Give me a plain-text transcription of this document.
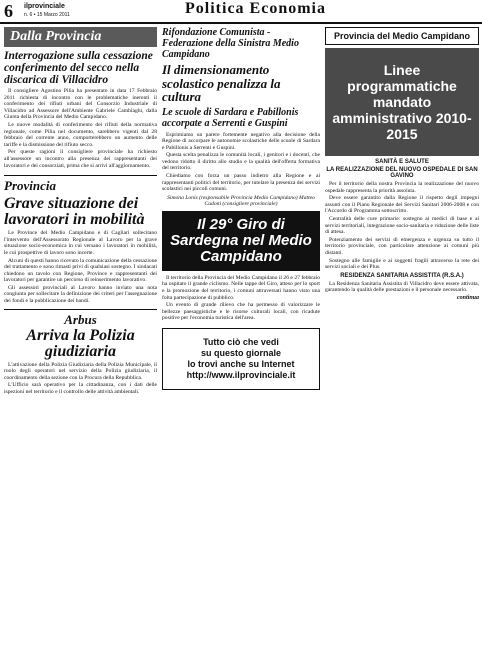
6 ilprovinciale
n. 6 • 15 Marzo 2011	Politica Economia
Dalla Provincia
Interrogazione sulla cessazione conferimento del secco nella discarica di Villacidro

Il consigliere Agostino Pilia ha presentato in data 17 Febbraio 2011 richiesta di incontro con le problematiche inerenti il conferimento dei rifiuti urbani del Consorzio Industriale di Villacidro ad Assessore dell'Ambiente Gabriele Cambiaghi, dalla Giunta della Provincia del Medio Campidano.

Le nuove modalità di conferimento dei rifiuti della normativa regionale, come Pilia nel documento, sarebbero vigenti dal 28 febbraio del corrente anno, comporterebbero un aumento delle tariffe e la dismissione del rifiuto secco.

Per queste ragioni il consigliere provinciale ha richiesto all'assessore un incontro alla presenza dei rappresentanti dei lavoratori e dei consorziati, prima che si arrivi all'aggiornamento.

Provincia
Grave situazione dei lavoratori in mobilità

Le Province del Medio Campidano e di Cagliari sollecitano l'intervento dell'Assessorato Regionale al Lavoro per la grave situazione socio-economica in cui versano i lavoratori in mobilità, le cui prospettive di lavoro sono incerte.

Alcuni di questi hanno ricevuto la comunicazione della cessazione del trattamento e sono rimasti privi di qualsiasi sostegno. I sindacati chiedono un tavolo con Regione, Province e rappresentanti dei lavoratori per garantire un percorso di reinserimento lavorativo.

Gli assessori provinciali al Lavoro hanno inviato una nota congiunta per sollecitare la definizione dei criteri per l'assegnazione dei fondi e la pubblicazione dei bandi.

Arbus
Arriva la Polizia giudiziaria

L'attivazione della Polizia Giudiziaria della Polizia Municipale, il ruolo degli operatori nel servizio della Polizia giudiziaria, il coordinamento della sezione con la Procura della Repubblica.

L'Ufficio sarà operativo per la cittadinanza, con i dati delle ispezioni nel territorio e il controllo delle attività ambientali.

Rifondazione Comunista - Federazione della Sinistra Medio Campidano
Il dimensionamento scolastico penalizza la cultura
Le scuole di Sardara e Pabillonis accorpate a Serrenti e Guspini

Esprimiamo un parere fortemente negativo alla decisione della Regione di accorpare le autonomie scolastiche delle scuole di Sardara e Pabillonis a Serrenti e Guspini.

Questa scelta penalizza le comunità locali, i genitori e i docenti, che vedono ridotto il diritto allo studio e la qualità dell'offerta formativa del territorio.

Chiediamo con forza un passo indietro alla Regione e ai rappresentanti politici del territorio, per tutelare la presenza dei servizi scolastici nei piccoli comuni.

Simona Lonis (responsabile Provincia Medio Campidano) Matteo Cadoni (consigliere provinciale)
Il 29° Giro di Sardegna nel Medio Campidano

Il territorio della Provincia del Medio Campidano il 26 e 27 febbraio ha ospitato il grande ciclismo. Nelle tappe del Giro, atteso per lo sport e la promozione del territorio, i comuni attraversati hanno visto una folta partecipazione di pubblico.

Un evento di grande rilievo che ha permesso di valorizzare le bellezze paesaggistiche e le risorse culturali locali, con ricadute positive per l'economia turistica dell'area.

Tutto ciò che vedi
su questo giornale
lo trovi anche su Internet
http://www.ilprovinciale.it
Provincia del Medio Campidano
Linee programmatiche mandato amministrativo 2010-2015
SANITÀ E SALUTE
LA REALIZZAZIONE DEL NUOVO OSPEDALE DI SAN GAVINO

Per il territorio della nostra Provincia la realizzazione del nuovo ospedale rappresenta la priorità assoluta.

Deve essere garantito dalla Regione il rispetto degli impegni assunti con il Piano Regionale dei Servizi Sanitari 2006-2008 e con l'Accordo di Programma sottoscritto.

Centralità delle cure primarie: sostegno ai medici di base e ai servizi territoriali, integrazione socio-sanitaria e riduzione delle liste di attesa.

Potenziamento dei servizi di emergenza e urgenza su tutto il territorio provinciale, con particolare attenzione ai comuni più distanti.

Sostegno alle famiglie e ai soggetti fragili attraverso la rete dei servizi sociali e dei Plus.

RESIDENZA SANITARIA ASSISTITA (R.S.A.)

La Residenza Sanitaria Assistita di Villacidro deve essere attivata, garantendo la qualità delle prestazioni e il personale necessario.

continua
